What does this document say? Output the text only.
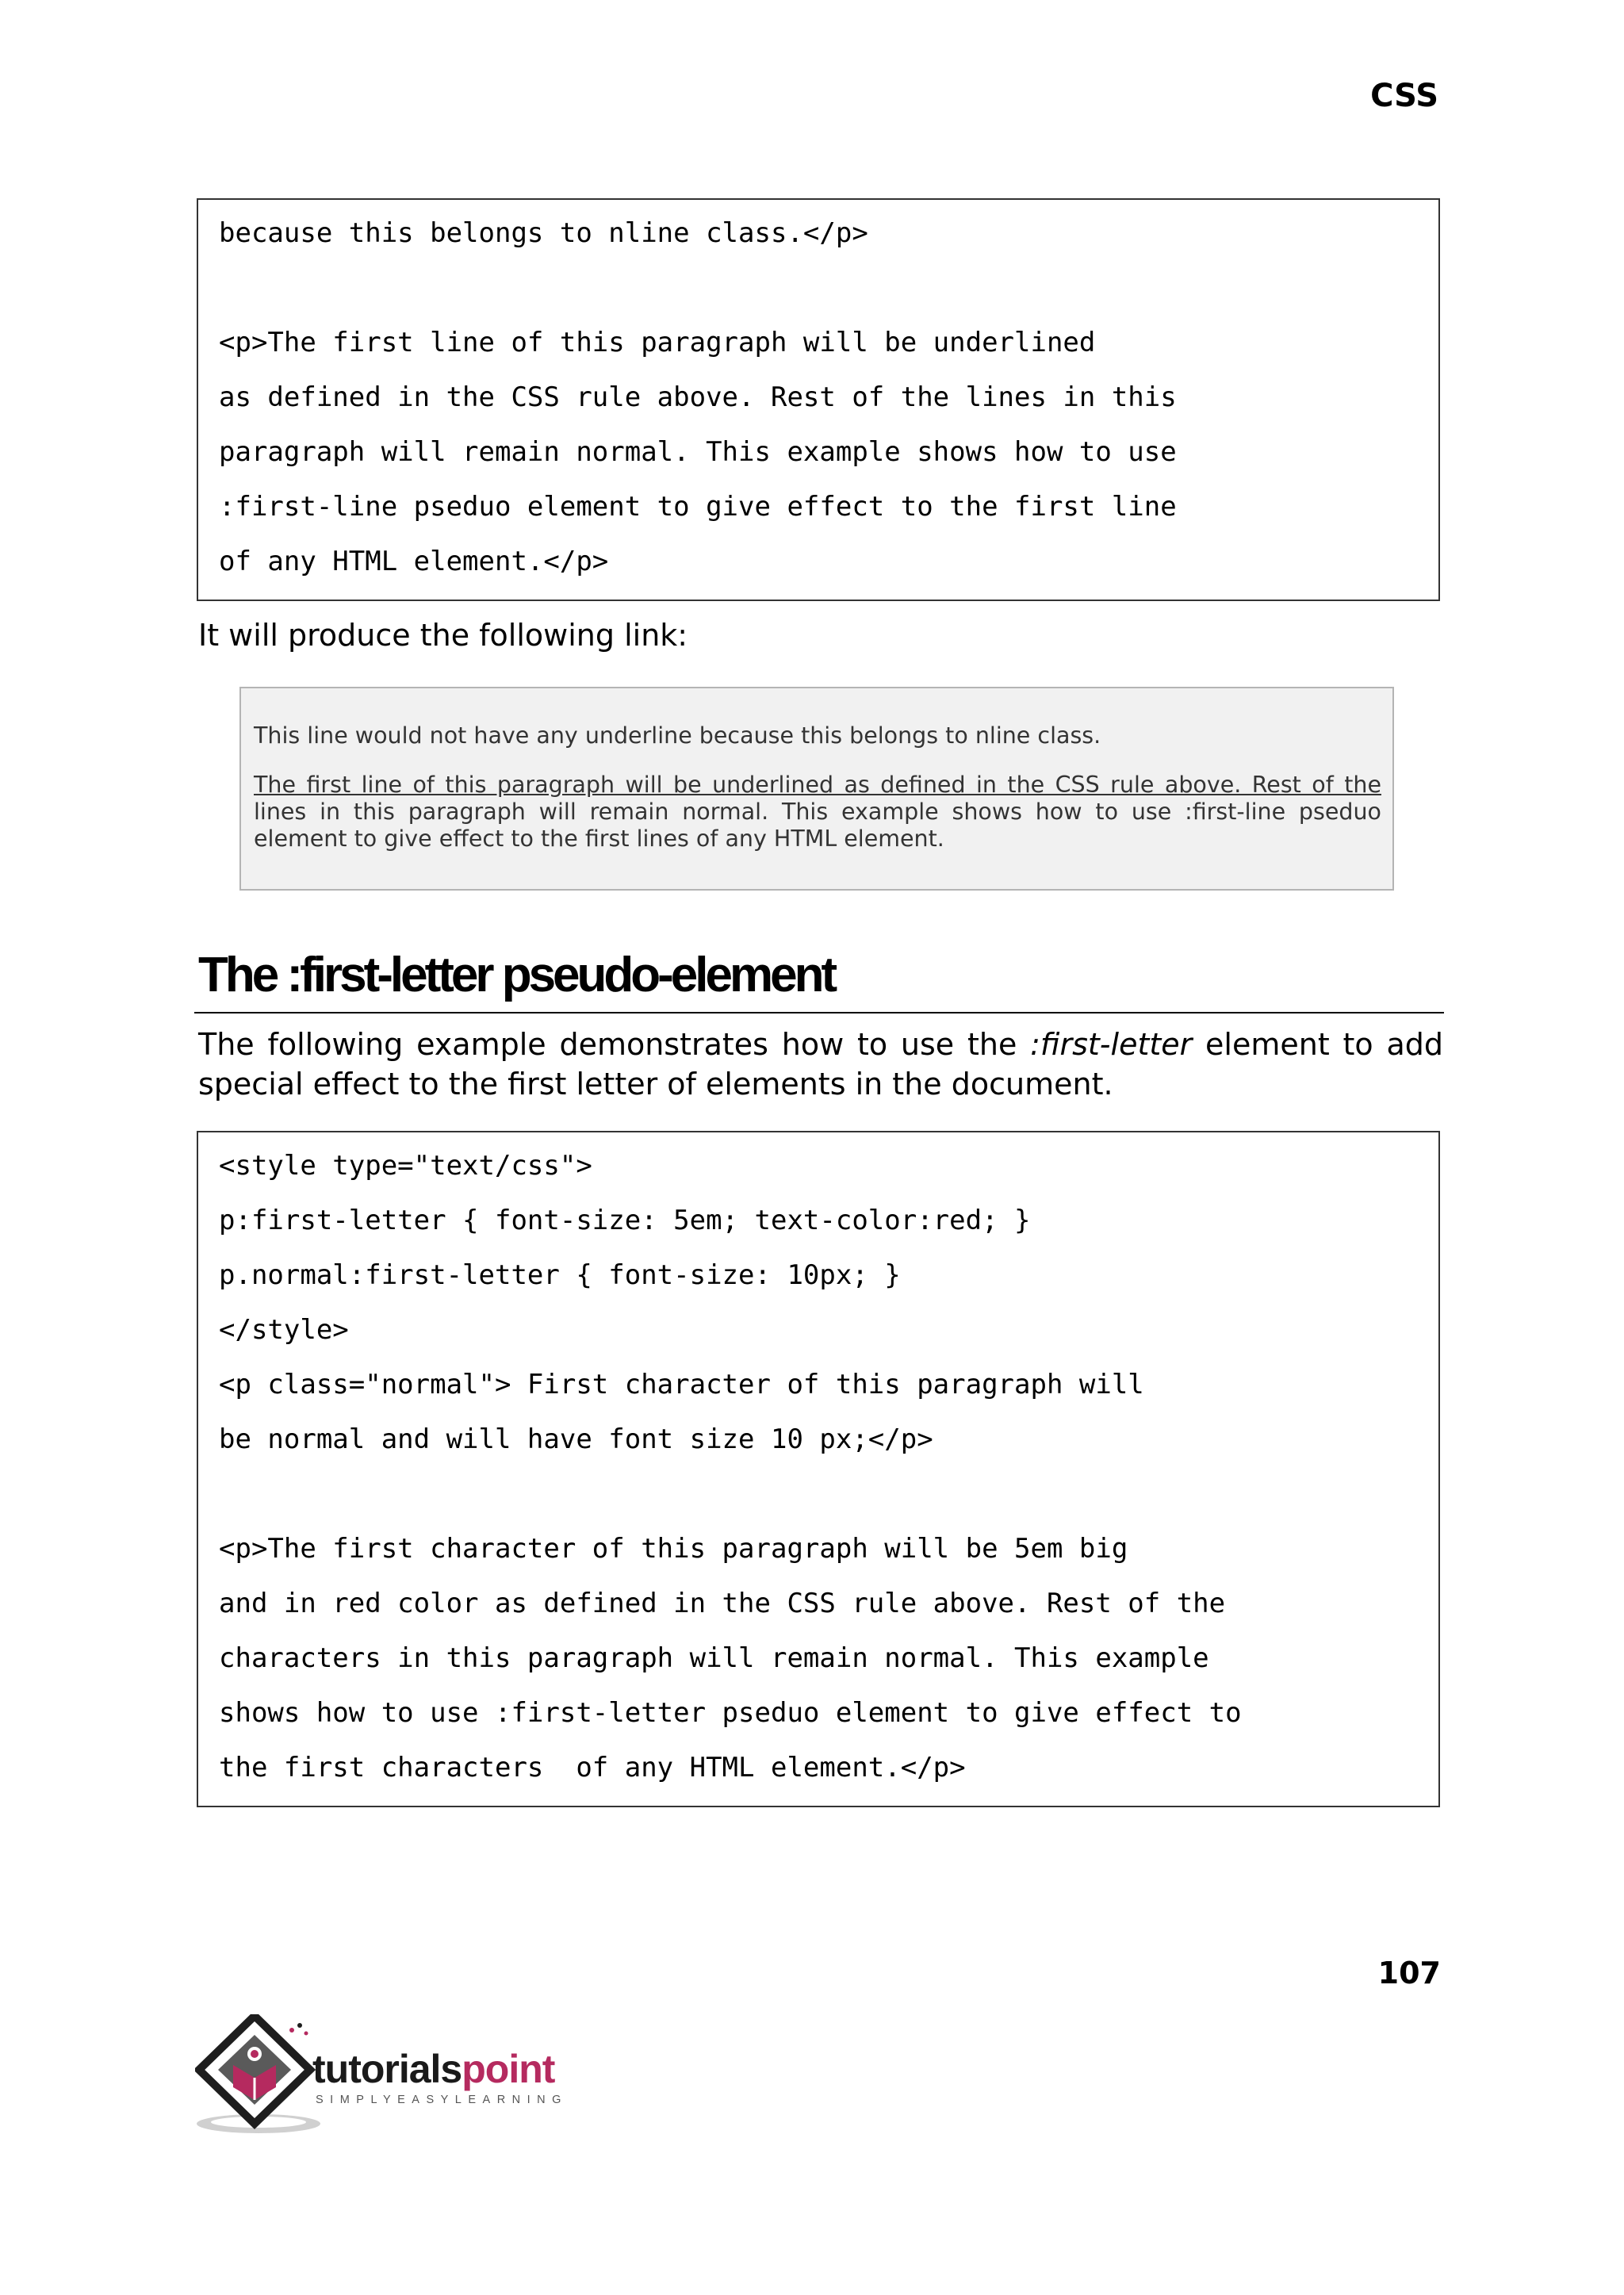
CSS
because this belongs to nline class.</p>
<p>The first line of this paragraph will be underlined
as defined in the CSS rule above. Rest of the lines in this
paragraph will remain normal. This example shows how to use
:first-line pseduo element to give effect to the first line
of any HTML element.</p>
It will produce the following link:
This line would not have any underline because this belongs to nline class.
The first line of this paragraph will be underlined as defined in the CSS rule above. Rest of the
lines in this paragraph will remain normal. This example shows how to use :first-line pseduo
element to give effect to the first lines of any HTML element.
The :first-letter pseudo-element
The following example demonstrates how to use the :first-letter element to add
special effect to the first letter of elements in the document.
<style type="text/css">
p:first-letter { font-size: 5em; text-color:red; }
p.normal:first-letter { font-size: 10px; }
</style>
<p class="normal"> First character of this paragraph will
be normal and will have font size 10 px;</p>
<p>The first character of this paragraph will be 5em big
and in red color as defined in the CSS rule above. Rest of the
characters in this paragraph will remain normal. This example
shows how to use :first-letter pseduo element to give effect to
the first characters  of any HTML element.</p>
107
tutorialspoint
SIMPLYEASYLEARNING
